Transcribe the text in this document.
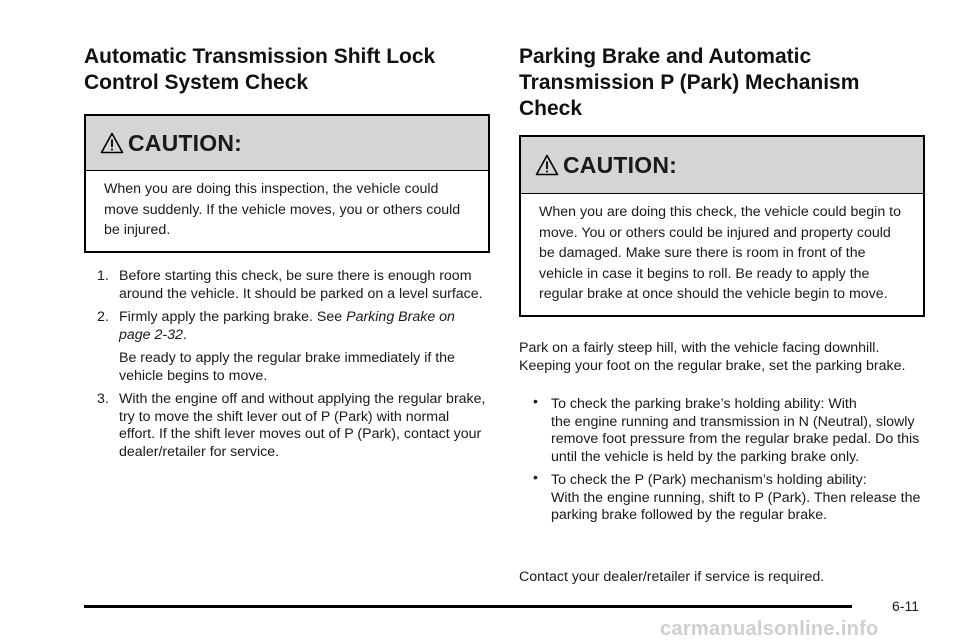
Automatic Transmission Shift Lock Control System Check
CAUTION:
When you are doing this inspection, the vehicle could move suddenly. If the vehicle moves, you or others could be injured.
1. Before starting this check, be sure there is enough room around the vehicle. It should be parked on a level surface.
2. Firmly apply the parking brake. See Parking Brake on page 2-32.
Be ready to apply the regular brake immediately if the vehicle begins to move.
3. With the engine off and without applying the regular brake, try to move the shift lever out of P (Park) with normal effort. If the shift lever moves out of P (Park), contact your dealer/retailer for service.
Parking Brake and Automatic Transmission P (Park) Mechanism Check
CAUTION:
When you are doing this check, the vehicle could begin to move. You or others could be injured and property could be damaged. Make sure there is room in front of the vehicle in case it begins to roll. Be ready to apply the regular brake at once should the vehicle begin to move.

Park on a fairly steep hill, with the vehicle facing downhill. Keeping your foot on the regular brake, set the parking brake.

• To check the parking brake’s holding ability: With
the engine running and transmission in N (Neutral), slowly remove foot pressure from the regular brake pedal. Do this until the vehicle is held by the parking brake only.
• To check the P (Park) mechanism’s holding ability:
With the engine running, shift to P (Park). Then release the parking brake followed by the regular brake.

Contact your dealer/retailer if service is required.

6-11
carmanualsonline.info
